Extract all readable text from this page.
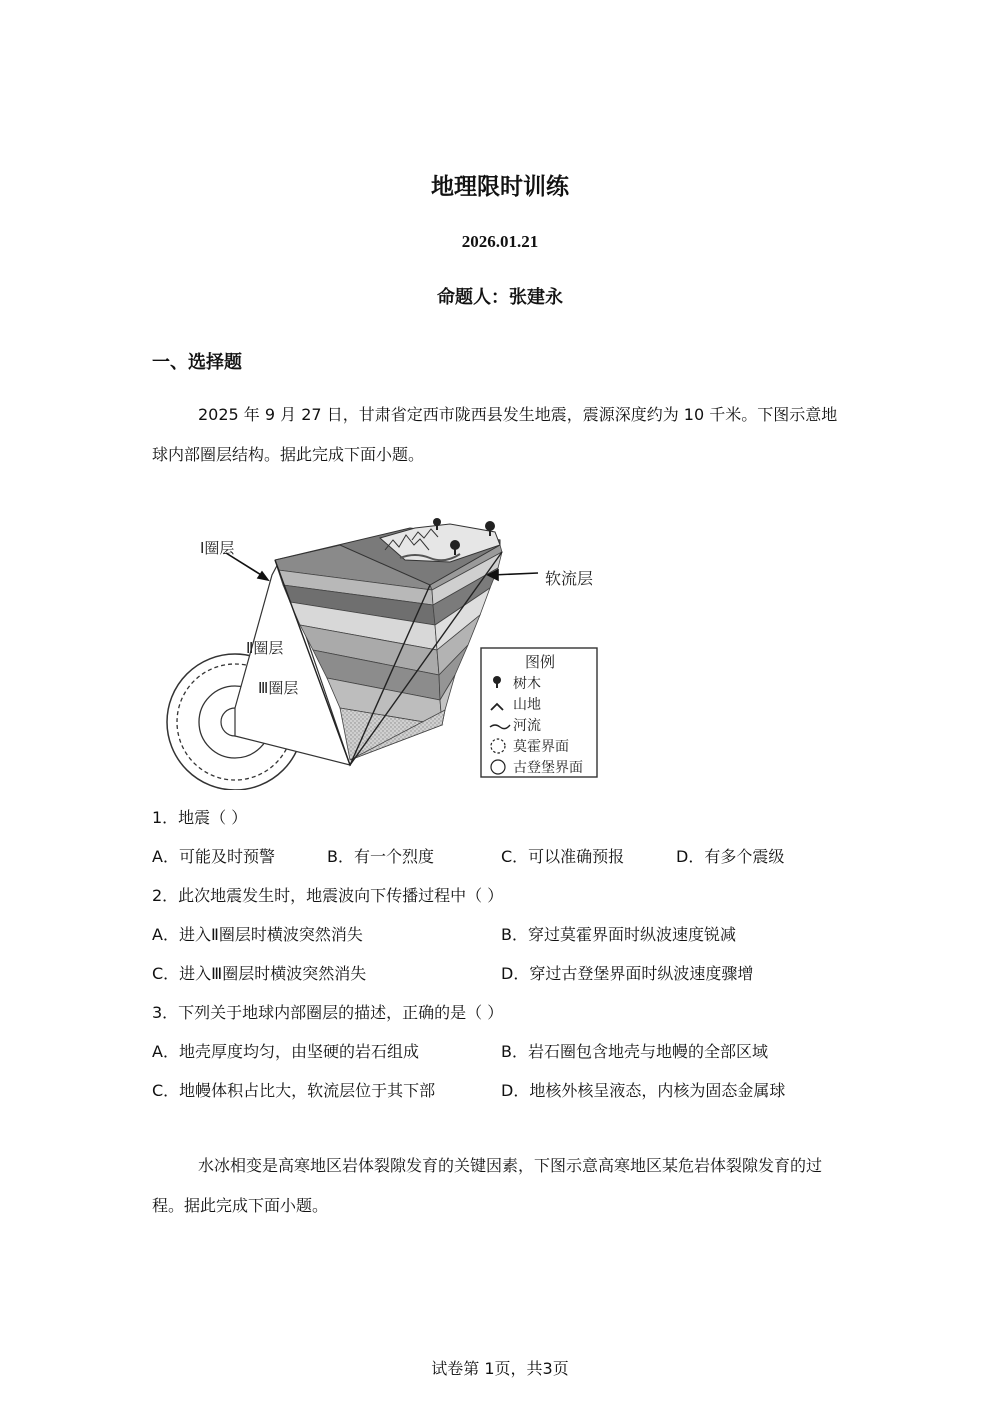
地理限时训练
2026.01.21
命题人：张建永
一、选择题
2025 年 9 月 27 日，甘肃省定西市陇西县发生地震，震源深度约为 10 千米。下图示意地球内部圈层结构。据此完成下面小题。
Ⅰ圈层
软流层
Ⅱ圈层
Ⅲ圈层
图例
树木
山地
河流
莫霍界面
古登堡界面
1．地震（ ）
A．可能及时预警	B．有一个烈度	C．可以准确预报	D．有多个震级
2．此次地震发生时，地震波向下传播过程中（ ）
A．进入Ⅱ圈层时横波突然消失	B．穿过莫霍界面时纵波速度锐减
C．进入Ⅲ圈层时横波突然消失	D．穿过古登堡界面时纵波速度骤增
3．下列关于地球内部圈层的描述，正确的是（ ）
A．地壳厚度均匀，由坚硬的岩石组成	B．岩石圈包含地壳与地幔的全部区域
C．地幔体积占比大，软流层位于其下部	D．地核外核呈液态，内核为固态金属球
水冰相变是高寒地区岩体裂隙发育的关键因素，下图示意高寒地区某危岩体裂隙发育的过程。据此完成下面小题。
试卷第 1页，共3页
